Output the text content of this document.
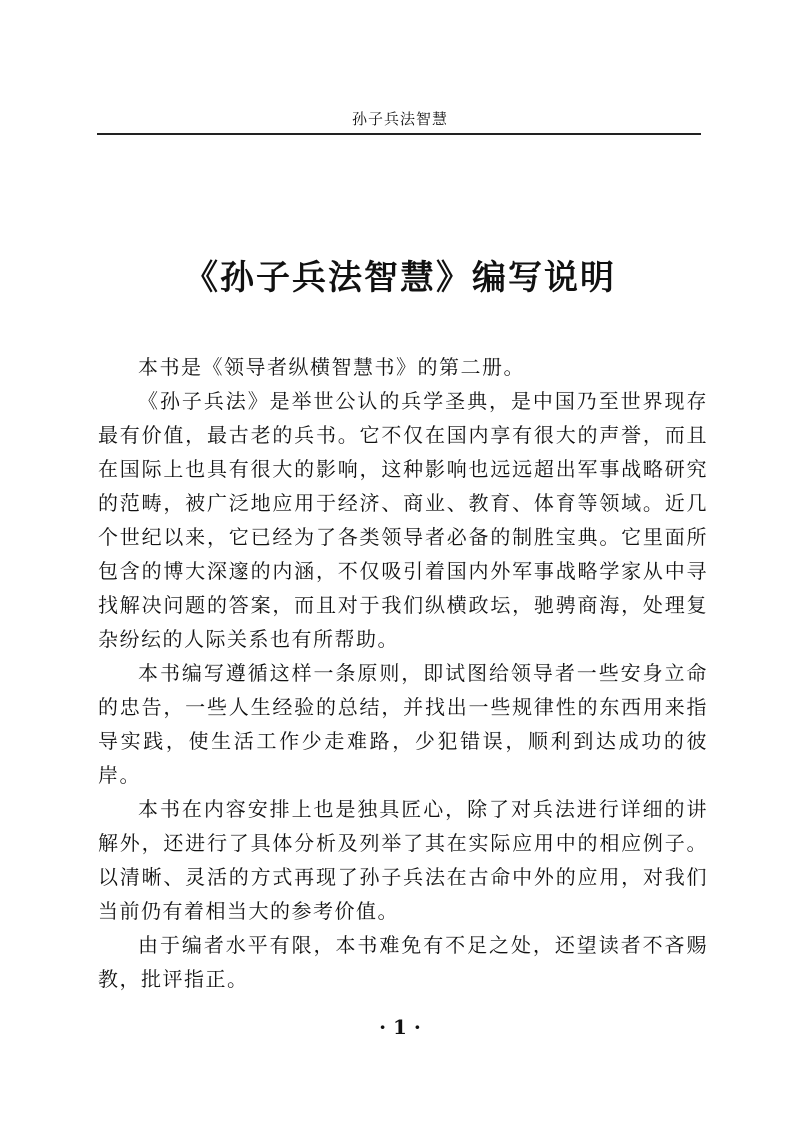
孙子兵法智慧
《孙子兵法智慧》编写说明

本书是《领导者纵横智慧书》的第二册。

《孙子兵法》是举世公认的兵学圣典，是中国乃至世界现存最有价值，最古老的兵书。它不仅在国内享有很大的声誉，而且在国际上也具有很大的影响，这种影响也远远超出军事战略研究的范畴，被广泛地应用于经济、商业、教育、体育等领域。近几个世纪以来，它已经为了各类领导者必备的制胜宝典。它里面所包含的博大深邃的内涵，不仅吸引着国内外军事战略学家从中寻找解决问题的答案，而且对于我们纵横政坛，驰骋商海，处理复杂纷纭的人际关系也有所帮助。

本书编写遵循这样一条原则，即试图给领导者一些安身立命的忠告，一些人生经验的总结，并找出一些规律性的东西用来指导实践，使生活工作少走难路，少犯错误，顺利到达成功的彼岸。

本书在内容安排上也是独具匠心，除了对兵法进行详细的讲解外，还进行了具体分析及列举了其在实际应用中的相应例子。以清晰、灵活的方式再现了孙子兵法在古命中外的应用，对我们当前仍有着相当大的参考价值。

由于编者水平有限，本书难免有不足之处，还望读者不吝赐教，批评指正。

· 1 ·
